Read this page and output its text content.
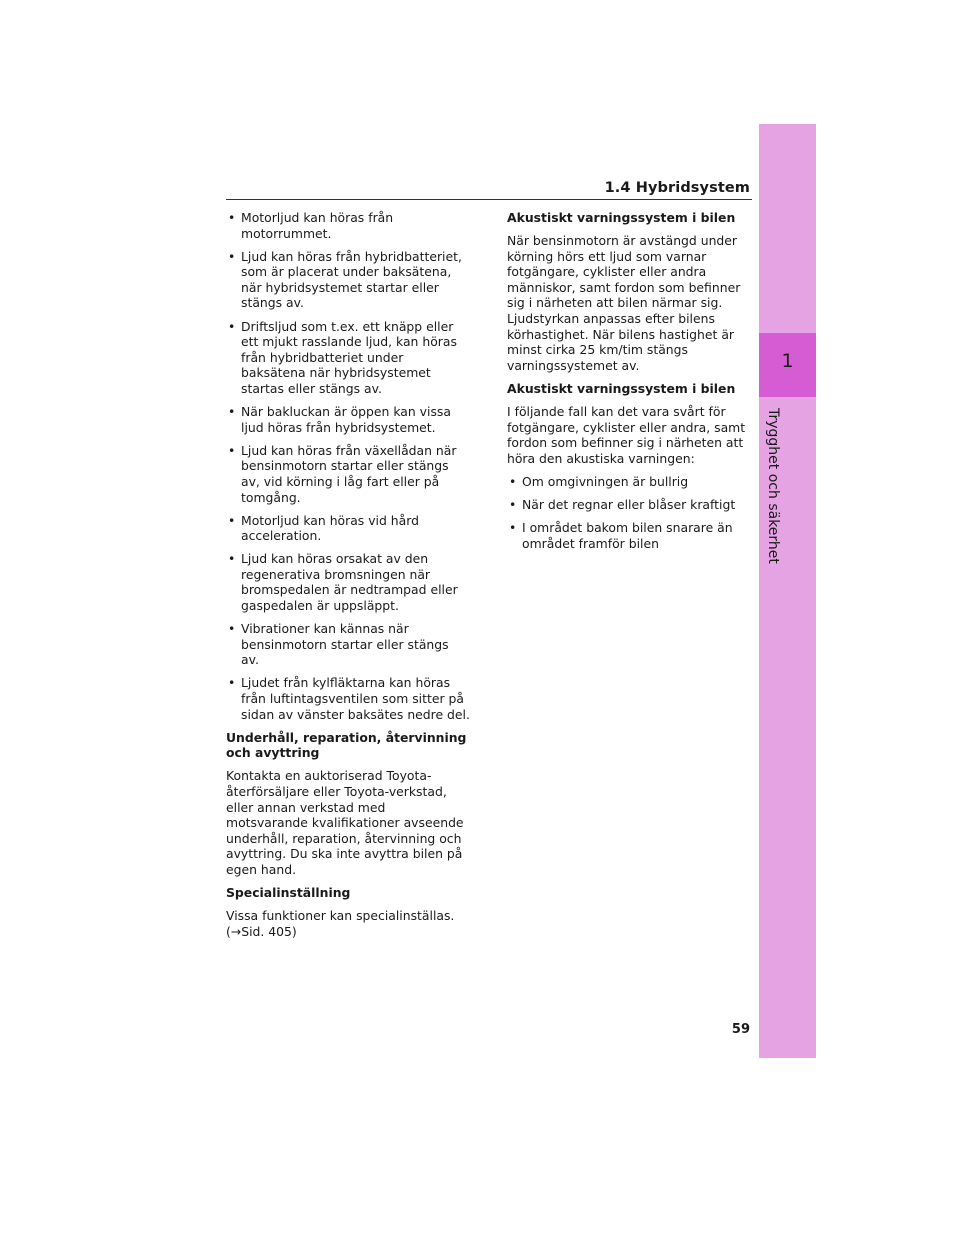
1
Trygghet och säkerhet
1.4 Hybridsystem
• Motorljud kan höras från motorrummet.
• Ljud kan höras från hybridbatteriet, som är placerat under baksätena, när hybridsystemet startar eller stängs av.
• Driftsljud som t.ex. ett knäpp eller ett mjukt rasslande ljud, kan höras från hybridbatteriet under baksätena när hybridsystemet startas eller stängs av.
• När bakluckan är öppen kan vissa ljud höras från hybridsystemet.
• Ljud kan höras från växellådan när bensinmotorn startar eller stängs av, vid körning i låg fart eller på tomgång.
• Motorljud kan höras vid hård acceleration.
• Ljud kan höras orsakat av den regenerativa bromsningen när bromspedalen är nedtrampad eller gaspedalen är uppsläppt.
• Vibrationer kan kännas när bensinmotorn startar eller stängs av.
• Ljudet från kylfläktarna kan höras från luftintagsventilen som sitter på sidan av vänster baksätes nedre del.
Underhåll, reparation, återvinning och avyttring
Kontakta en auktoriserad Toyota-återförsäljare eller Toyota-verkstad, eller annan verkstad med motsvarande kvalifikationer avseende underhåll, reparation, återvinning och avyttring. Du ska inte avyttra bilen på egen hand.
Specialinställning
Vissa funktioner kan specialinställas. (→Sid. 405)
Akustiskt varningssystem i bilen
När bensinmotorn är avstängd under körning hörs ett ljud som varnar fotgängare, cyklister eller andra människor, samt fordon som befinner sig i närheten att bilen närmar sig. Ljudstyrkan anpassas efter bilens körhastighet. När bilens hastighet är minst cirka 25 km/tim stängs varningssystemet av.
Akustiskt varningssystem i bilen
I följande fall kan det vara svårt för fotgängare, cyklister eller andra, samt fordon som befinner sig i närheten att höra den akustiska varningen:
• Om omgivningen är bullrig
• När det regnar eller blåser kraftigt
• I området bakom bilen snarare än området framför bilen
59
